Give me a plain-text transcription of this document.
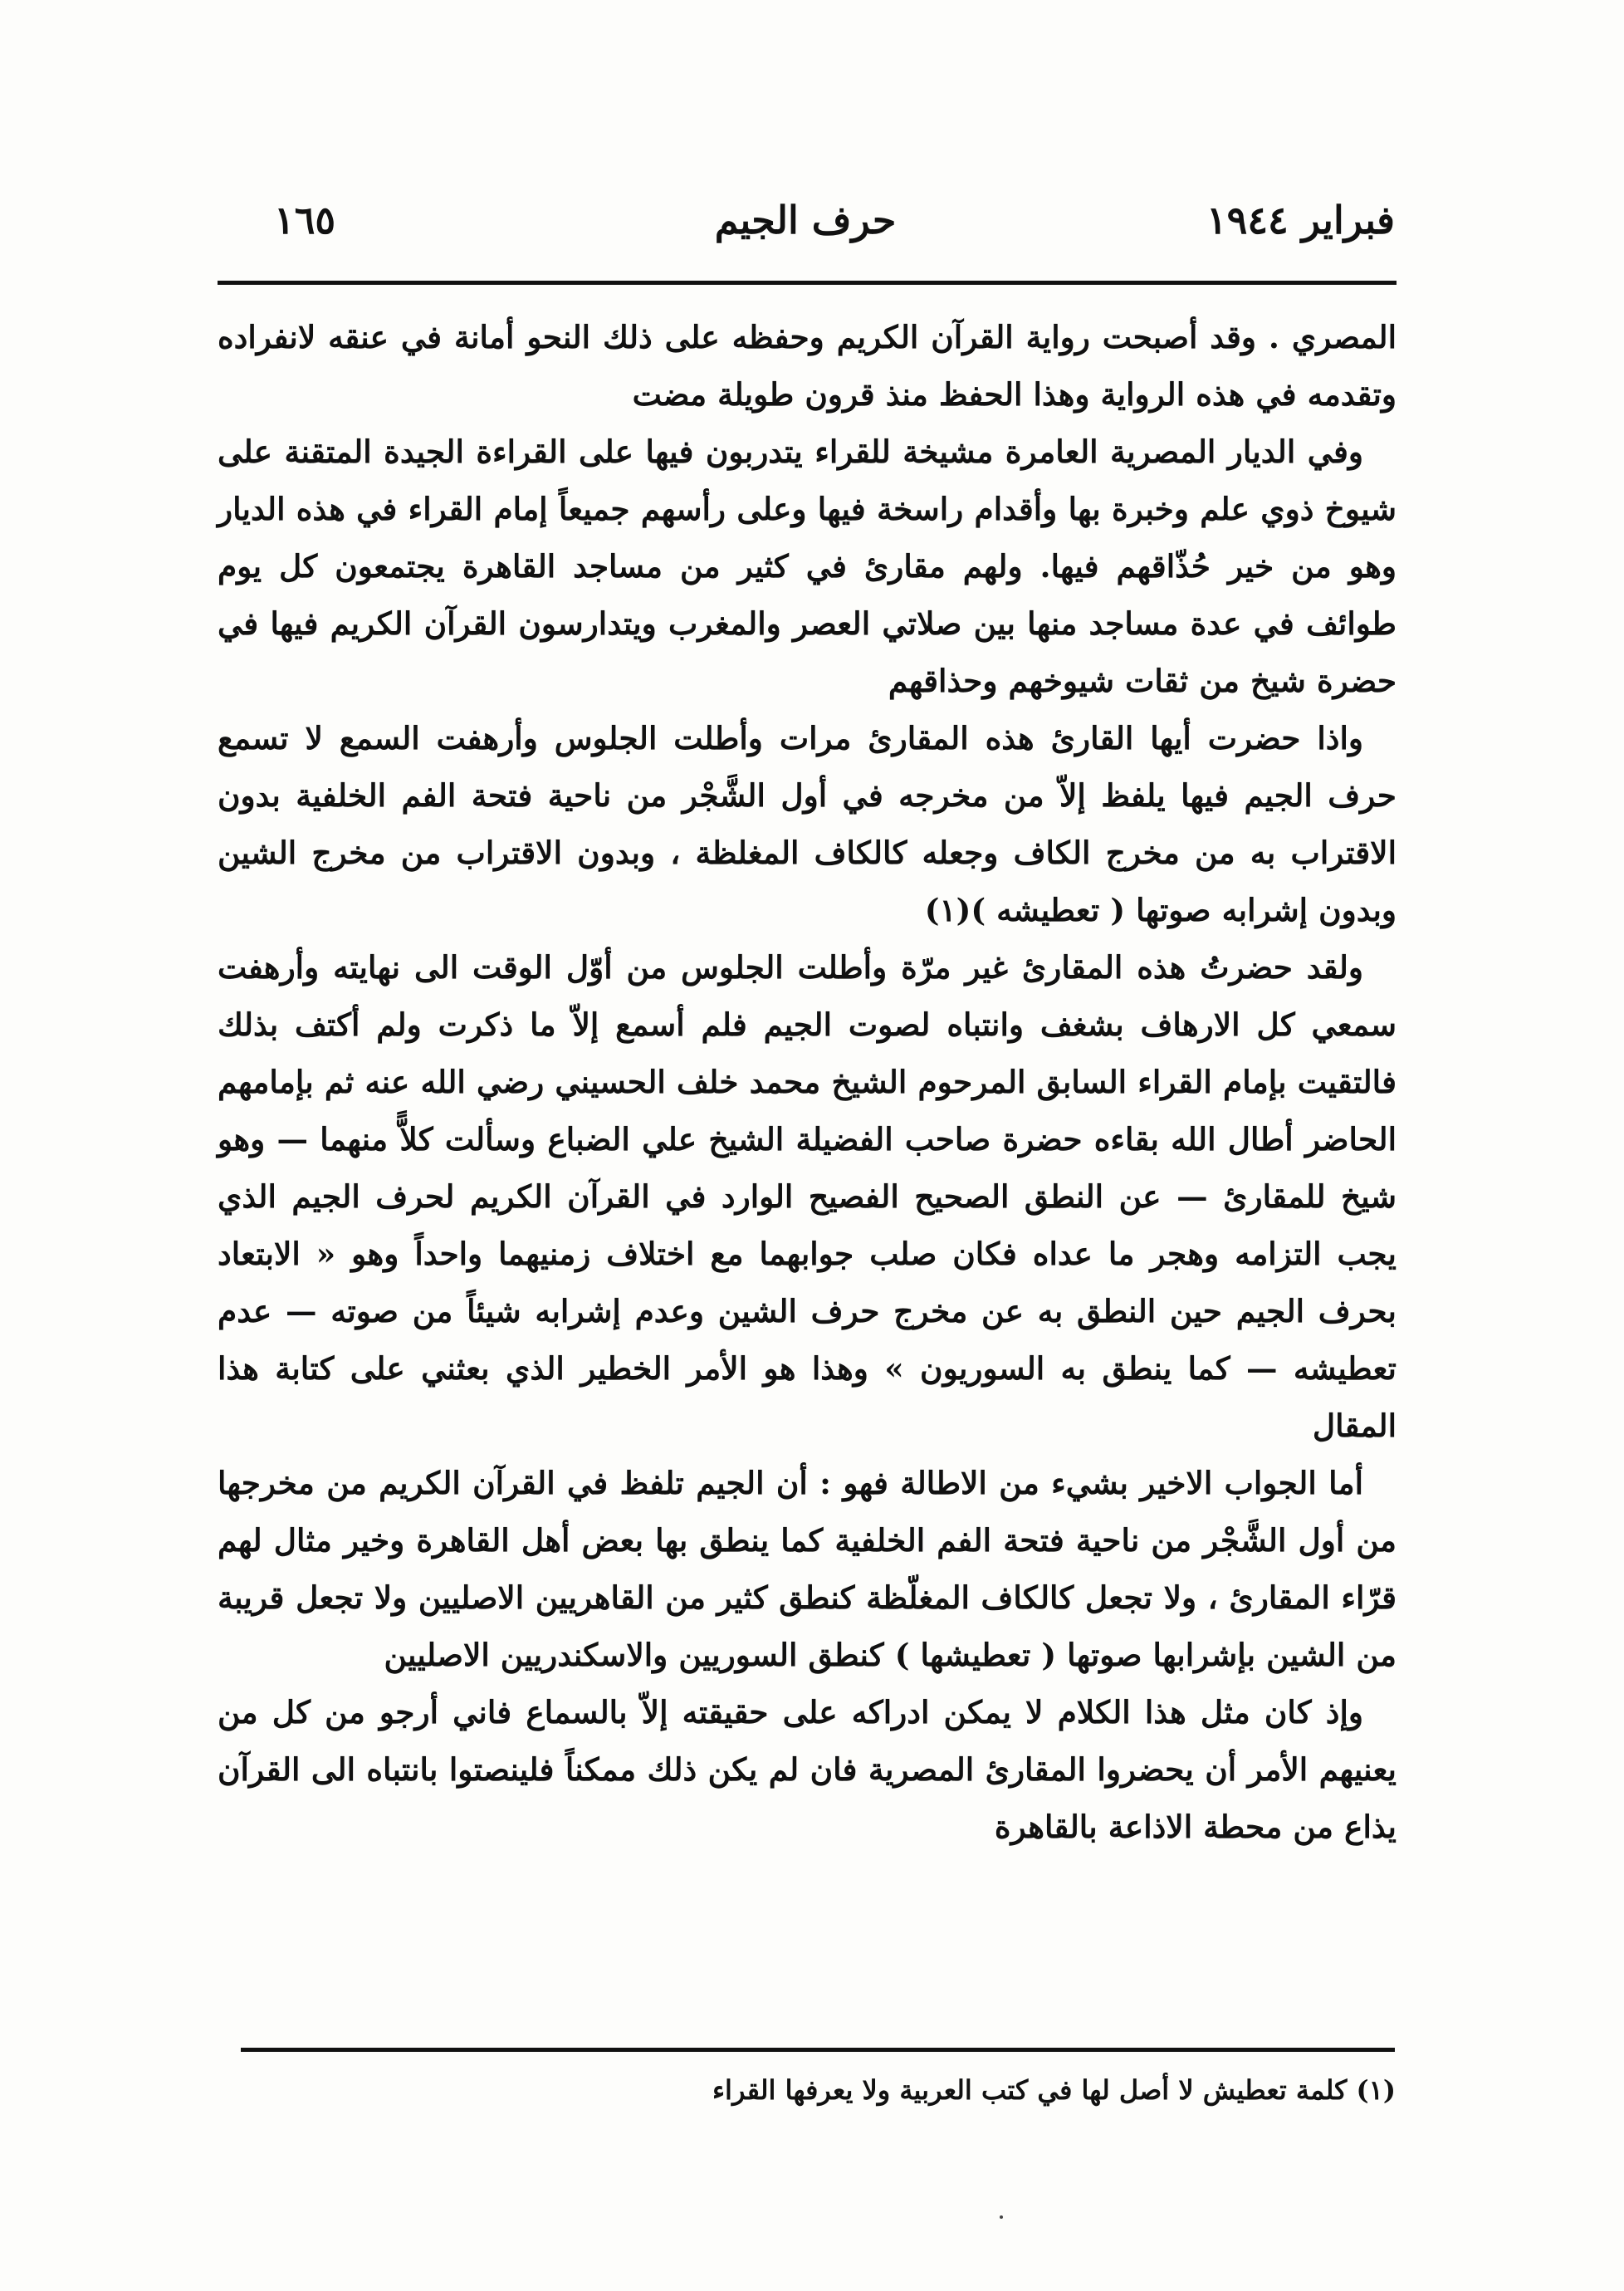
فبراير ١٩٤٤
حرف الجيم
١٦٥

المصري . وقد أصبحت رواية القرآن الكريم وحفظه على ذلك النحو أمانة في عنقه لانفراده وتقدمه في هذه الرواية وهذا الحفظ منذ قرون طويلة مضت

وفي الديار المصرية العامرة مشيخة للقراء يتدربون فيها على القراءة الجيدة المتقنة على شيوخ ذوي علم وخبرة بها وأقدام راسخة فيها وعلى رأسهم جميعاً إمام القراء في هذه الديار وهو من خير حُذّاقهم فيها. ولهم مقارئ في كثير من مساجد القاهرة يجتمعون كل يوم طوائف في عدة مساجد منها بين صلاتي العصر والمغرب ويتدارسون القرآن الكريم فيها في حضرة شيخ من ثقات شيوخهم وحذاقهم

واذا حضرت أيها القارئ هذه المقارئ مرات وأطلت الجلوس وأرهفت السمع لا تسمع حرف الجيم فيها يلفظ إلاّ من مخرجه في أول الشَّجْر من ناحية فتحة الفم الخلفية بدون الاقتراب به من مخرج الكاف وجعله كالكاف المغلظة ، وبدون الاقتراب من مخرج الشين وبدون إشرابه صوتها ( تعطيشه )(١)

ولقد حضرتُ هذه المقارئ غير مرّة وأطلت الجلوس من أوّل الوقت الى نهايته وأرهفت سمعي كل الارهاف بشغف وانتباه لصوت الجيم فلم أسمع إلاّ ما ذكرت ولم أكتف بذلك فالتقيت بإمام القراء السابق المرحوم الشيخ محمد خلف الحسيني رضي الله عنه ثم بإمامهم الحاضر أطال الله بقاءه حضرة صاحب الفضيلة الشيخ علي الضباع وسألت كلاًّ منهما — وهو شيخ للمقارئ — عن النطق الصحيح الفصيح الوارد في القرآن الكريم لحرف الجيم الذي يجب التزامه وهجر ما عداه فكان صلب جوابهما مع اختلاف زمنيهما واحداً وهو « الابتعاد بحرف الجيم حين النطق به عن مخرج حرف الشين وعدم إشرابه شيئاً من صوته — عدم تعطيشه — كما ينطق به السوريون » وهذا هو الأمر الخطير الذي بعثني على كتابة هذا المقال

أما الجواب الاخير بشيء من الاطالة فهو : أن الجيم تلفظ في القرآن الكريم من مخرجها من أول الشَّجْر من ناحية فتحة الفم الخلفية كما ينطق بها بعض أهل القاهرة وخير مثال لهم قرّاء المقارئ ، ولا تجعل كالكاف المغلّظة كنطق كثير من القاهريين الاصليين ولا تجعل قريبة من الشين بإشرابها صوتها ( تعطيشها ) كنطق السوريين والاسكندريين الاصليين

وإذ كان مثل هذا الكلام لا يمكن ادراكه على حقيقته إلاّ بالسماع فاني أرجو من كل من يعنيهم الأمر أن يحضروا المقارئ المصرية فان لم يكن ذلك ممكناً فلينصتوا بانتباه الى القرآن يذاع من محطة الاذاعة بالقاهرة

(١) كلمة تعطيش لا أصل لها في كتب العربية ولا يعرفها القراء
